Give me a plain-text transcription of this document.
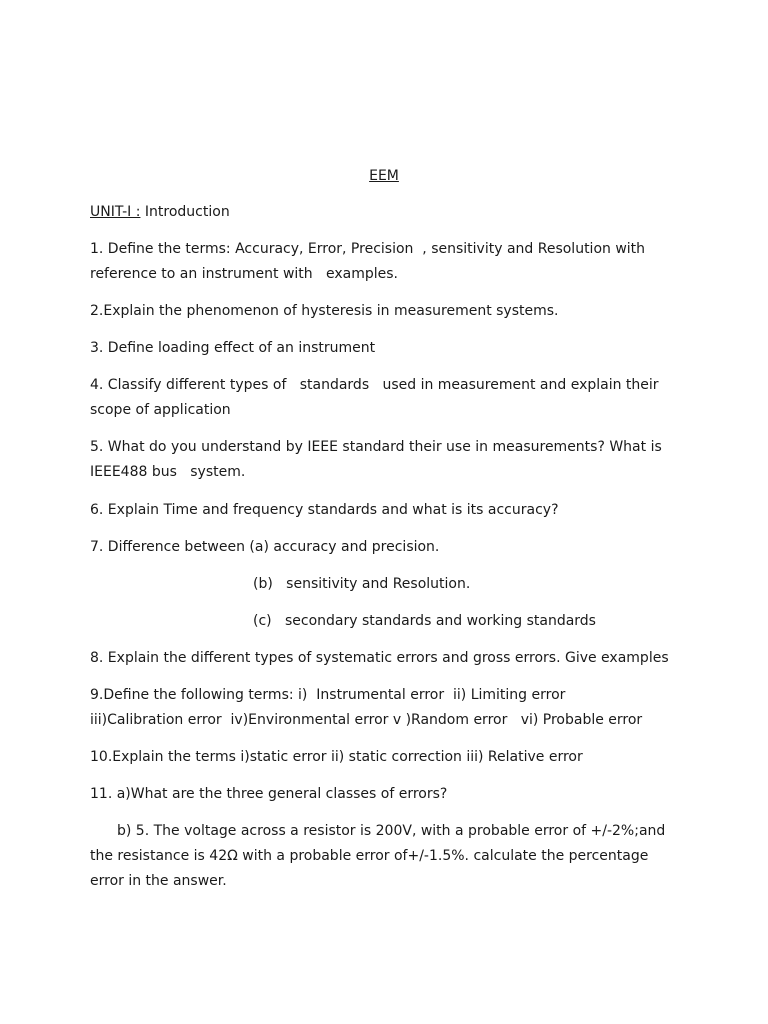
EEM
UNIT-I : Introduction
1. Define the terms: Accuracy, Error, Precision  , sensitivity and Resolution with
reference to an instrument with   examples.
2.Explain the phenomenon of hysteresis in measurement systems.
3. Define loading effect of an instrument
4. Classify different types of   standards   used in measurement and explain their
scope of application
5. What do you understand by IEEE standard their use in measurements? What is
IEEE488 bus   system.
6. Explain Time and frequency standards and what is its accuracy?
7. Difference between (a) accuracy and precision.
(b)   sensitivity and Resolution.
(c)   secondary standards and working standards
8. Explain the different types of systematic errors and gross errors. Give examples
9.Define the following terms: i)  Instrumental error  ii) Limiting error
iii)Calibration error  iv)Environmental error v )Random error   vi) Probable error
10.Explain the terms i)static error ii) static correction iii) Relative error
11. a)What are the three general classes of errors?
b) 5. The voltage across a resistor is 200V, with a probable error of +/-2%;and
the resistance is 42Ω with a probable error of+/-1.5%. calculate the percentage
error in the answer.
